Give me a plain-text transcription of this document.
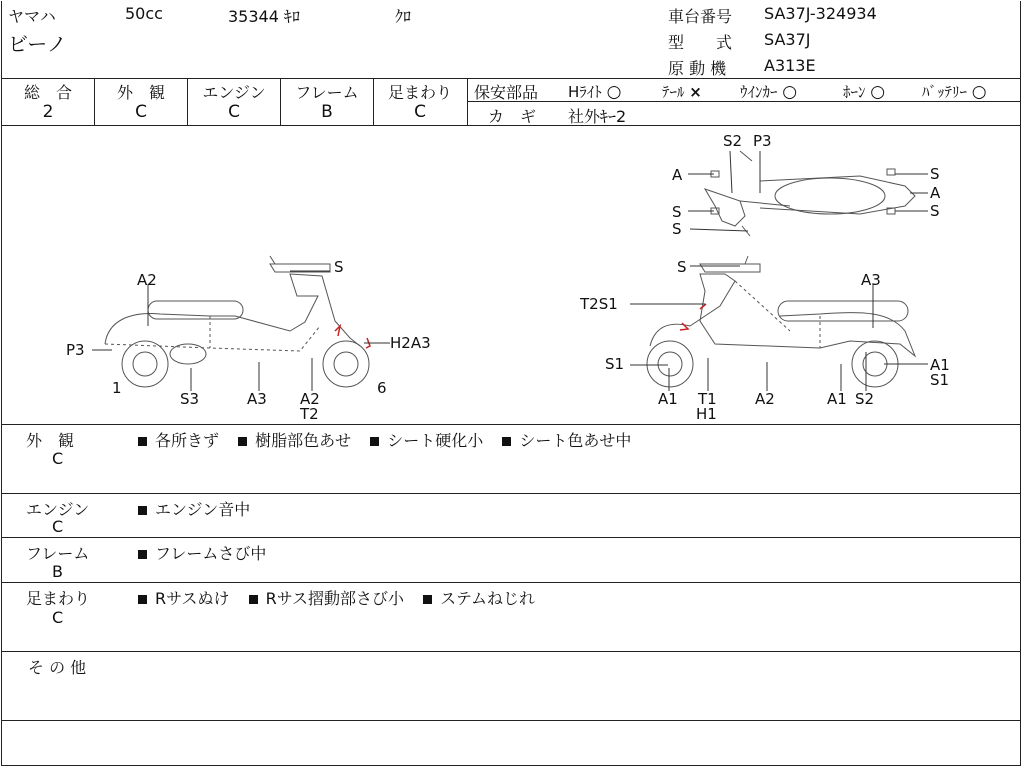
ヤマハ	50cc	35344 ｷﾛ	ｸﾛ
ビーノ
車台番号 SA37J-324934
型　　式 SA37J
原 動 機 A313E
総　合
2
外　観
C
エンジン
C
フレーム
B
足まわり
C
保安部品 Hﾗｲﾄ ○	ﾃｰﾙ ×	ｳｲﾝｶｰ ○	ﾎｰﾝ ○ ﾊﾞｯﾃﾘｰ ○
カ　ギ 社外ｷｰ2
S
A2
P3	H2A3
1
S3	A3 A2
T2
6
S
A3
T2S1
S1
A1 T1
H1
A2	A1 S2
A1
S1
S2 P3
S
A
A
S
S
S
外　観
C
各所きず 樹脂部色あせ シート硬化小 シート色あせ中
エンジン
C
エンジン音中
フレーム
B
フレームさび中
足まわり
C
Rサスぬけ Rサス摺動部さび小 ステムねじれ
そ の 他
